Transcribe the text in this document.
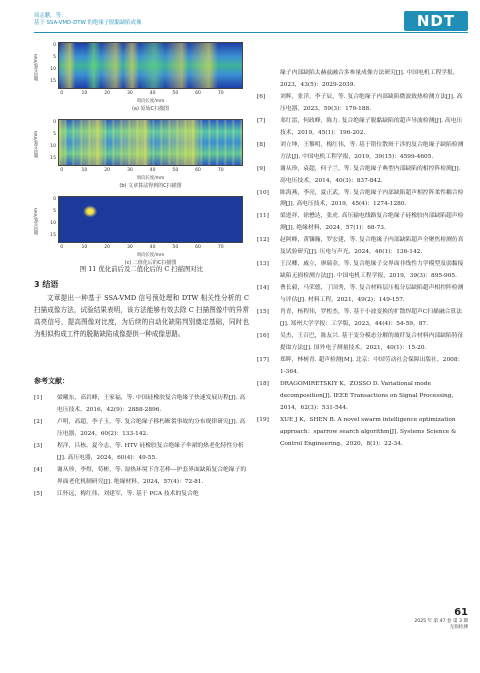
周志鹏，等：
基于 SSA-VMD-DTW 的绝缘子脱黏缺陷成像	NDT
轴向长度/mm
0
5
10
15
0	10	20	30	40	50	60	70
周向长度/mm
(a) 原始C扫描图
轴向长度/mm
0
5
10
15
0	10	20	30	40	50	60	70
周向长度/mm
(b) 文章算法得到的C扫描图
轴向长度/mm
0
5
10
15
0	10	20	30	40	50	60	70
周向长度/mm
(c) 二值化后的C扫描图
图 11 优化前后及二值化后的 C 扫描图对比
3 结语
文章提出一种基于 SSA-VMD 信号预处理和 DTW 相关性分析的 C 扫描成像方法，试验结果表明，该方法能够有效去除 C 扫描图像中的异常高亮信号，提高图像对比度，为后续的自动化缺陷判别奠定基础，同时也为相似构成工件的脱黏缺陷成像提供一种成像思路。
参考文献：
[1]	梁曦东，高岩峰，王家福，等. 中国硅橡胶复合绝缘子快速发展历程[J]. 高电压技术，2016，42(9)：2888-2896.
[2]	卢明，高超，李子玉，等. 复合绝缘子移朽断裂事故的分布规律研究[J]. 高压电器，2024，60(2)：133-142.
[3]	程洋，吕栋，夏今志，等. HTV 硅橡胶复合绝缘子伞裙的热老化特性分析[J]. 高压电器，2024，60(4)：49-55.
[4]	谢从珍，李煜，荀彬，等. 湿热环境下含芯棒—护套界面缺陷复合绝缘子的界面老化机制研究[J]. 绝缘材料，2024，57(4)：72-81.
[5]	江怀远，梅红伟，刘建军，等. 基于 PCA 技术的复合绝
缘子内部缺陷太赫兹融合多参量成像方法研究[J]. 中国电机工程学报，2023，43(5)：2029-2039.
[6]	刘辉，张洋，李子辰，等. 复合绝缘子内部缺陷微波致热检测方法[J]. 高压电器，2023，59(3)：179-188.
[7]	邓红雷，何政峰，陈力. 复合绝缘子脱黏缺陷的超声导波检测[J]. 高电压技术，2019，45(1)：196-202.
[8]	刘立坤，王黎明，梅红伟，等. 基于错位散斑干涉的复合绝缘子缺陷检测方法[J]. 中国电机工程学报，2019，39(15)：4599-4605.
[9]	谢从珍，袁超，何子兰，等. 复合绝缘子典型内部缺陷的相控阵检测[J]. 高电压技术，2014，40(3)：837-842.
[10]	陈海燕，李亮，夏正武，等. 复合绝缘子内部缺陷超声相控阵柔性耦合检测[J]. 高电压技术，2019，45(4)：1274-1280.
[11]	梁进祥，徐懋达，张虎. 高压输电线路复合绝缘子硅橡胶内部缺陷超声检测[J]. 绝缘材料，2024，57(1)：68-73.
[12]	赵阿峰，黄镶瀚，罗宏建，等. 复合绝缘子内部缺陷超声全聚焦检测仿真及试验研究[J]. 压电与声光，2024，46(1)：136-142.
[13]	王汉卿，戚立，廖瑞金，等. 复合绝缘子交界面非线性力学模型及弱黏接缺陷无损检测方法[J]. 中国电机工程学报，2019，39(3)：895-905.
[14]	曹长毅，马荣德，丁国秀，等. 复合材料层压板分层缺陷超声相控阵检测与评估[J]. 材料工程，2021，49(2)：149-157.
[15]	肖青，杨程伟，罗桁杰，等. 基于小波变换的扩散焊超声C扫描融合算法[J]. 郑州大学学报：工学版，2023，44(4)：54-59，87.
[16]	吴杰，王召巴，陈友兴. 基于变分模态分解的玻纤复合材料内部缺陷特征提取方法[J]. 国外电子测量技术，2021，40(1)：15-20.
[17]	郑晖，林树青. 超声检测[M]. 北京：中国劳动社会保障出版社，2008：1-364.
[18]	DRAGOMIRETSKIY K，ZOSSO D. Variational mode decomposition[J]. IEEE Transactions on Signal Processing，2014，62(3)：531-544.
[19]	XUE J K，SHEN B. A novel swarm intelligence optimization approach：sparrow search algorithm[J]. Systems Science & Control Engineering，2020，8(1)：22-34.
61
2025 年 第 47 卷 第 3 期
无损检测
